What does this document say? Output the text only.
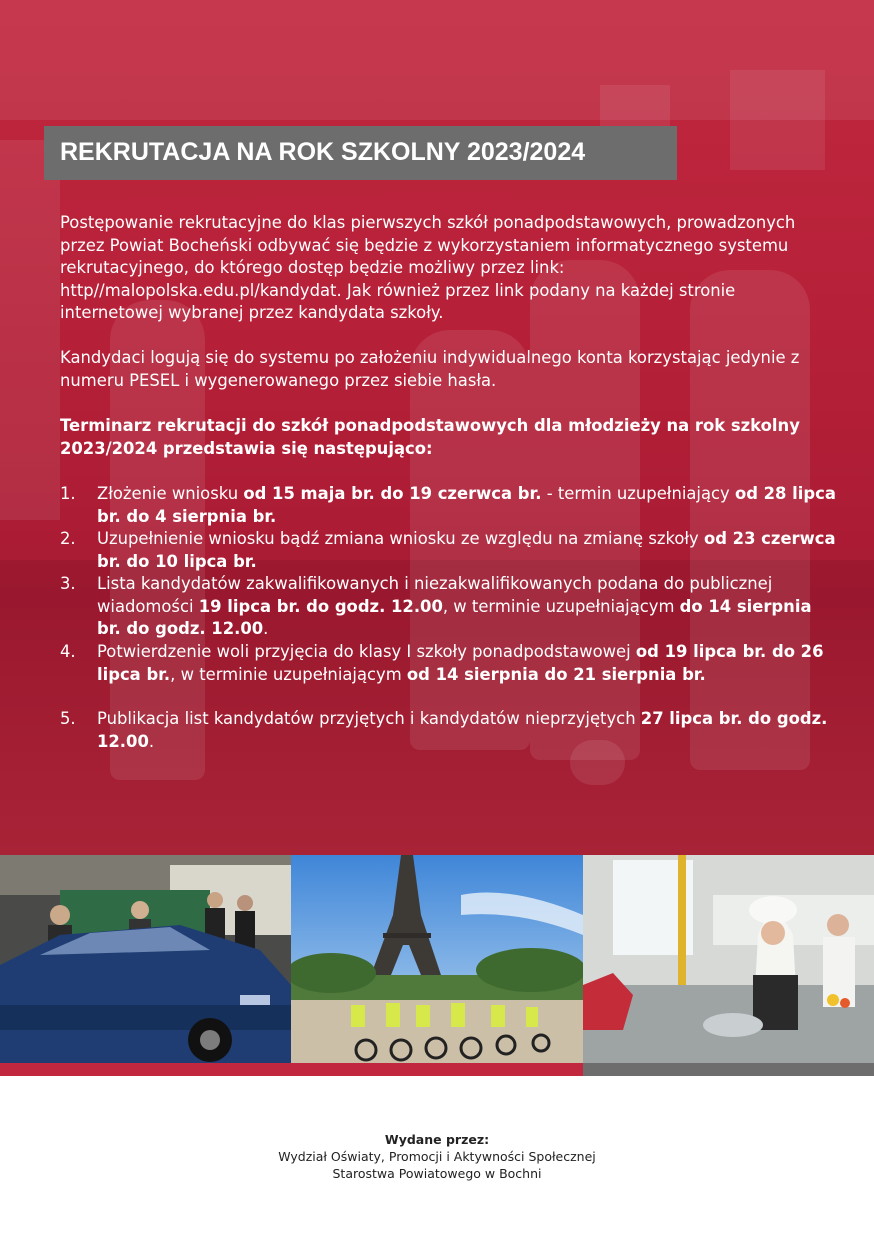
REKRUTACJA NA ROK SZKOLNY 2023/2024
Postępowanie rekrutacyjne do klas pierwszych szkół ponadpodstawowych, prowadzonych przez Powiat Bocheński odbywać się będzie z wykorzystaniem informatycznego systemu rekrutacyjnego, do którego dostęp będzie możliwy przez link: http//malopolska.edu.pl/kandydat. Jak również przez link podany na każdej stronie internetowej wybranej przez kandydata szkoły.
Kandydaci logują się do systemu po założeniu indywidualnego konta korzystając jedynie z numeru PESEL i wygenerowanego przez siebie hasła.
Terminarz rekrutacji do szkół ponadpodstawowych dla młodzieży na rok szkolny 2023/2024 przedstawia się następująco:
1. Złożenie wniosku od 15 maja br. do 19 czerwca br. - termin uzupełniający od 28 lipca br. do 4 sierpnia br.
2. Uzupełnienie wniosku bądź zmiana wniosku ze względu na zmianę szkoły od 23 czerwca br. do 10 lipca br.
3. Lista kandydatów zakwalifikowanych i niezakwalifikowanych podana do publicznej wiadomości 19 lipca br. do godz. 12.00, w terminie uzupełniającym do 14 sierpnia br. do godz. 12.00.
4. Potwierdzenie woli przyjęcia do klasy I szkoły ponadpodstawowej od 19 lipca br. do 26 lipca br., w terminie uzupełniającym od 14 sierpnia do 21 sierpnia br.
5. Publikacja list kandydatów przyjętych i kandydatów nieprzyjętych 27 lipca br. do godz. 12.00.
Wydane przez:
Wydział Oświaty, Promocji i Aktywności Społecznej
Starostwa Powiatowego w Bochni
